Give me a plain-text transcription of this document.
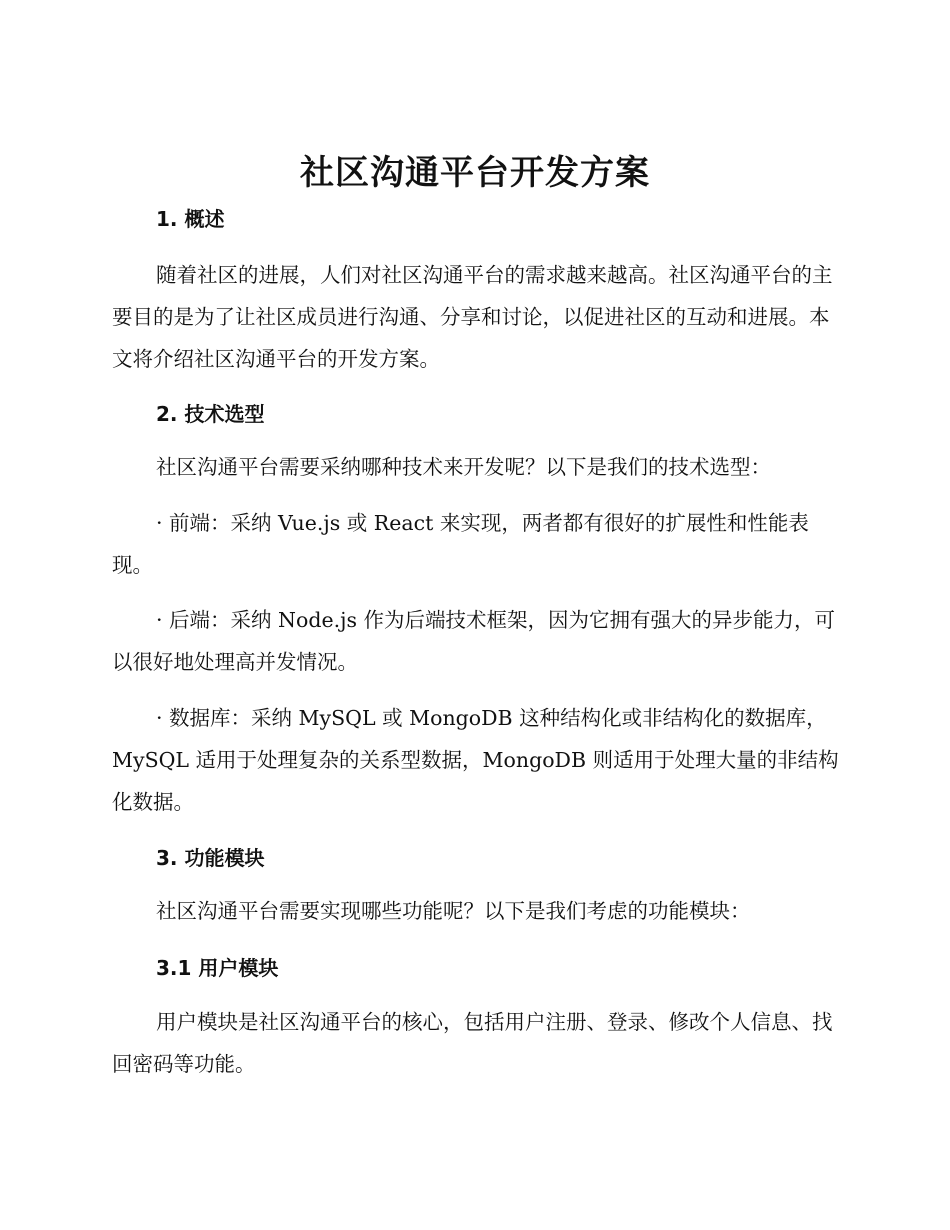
社区沟通平台开发方案
1. 概述

随着社区的进展，人们对社区沟通平台的需求越来越高。社区沟通平台的主要目的是为了让社区成员进行沟通、分享和讨论，以促进社区的互动和进展。本文将介绍社区沟通平台的开发方案。

2. 技术选型

社区沟通平台需要采纳哪种技术来开发呢？以下是我们的技术选型：

· 前端：采纳 Vue.js 或 React 来实现，两者都有很好的扩展性和性能表现。

· 后端：采纳 Node.js 作为后端技术框架，因为它拥有强大的异步能力，可以很好地处理高并发情况。

· 数据库：采纳 MySQL 或 MongoDB 这种结构化或非结构化的数据库，MySQL 适用于处理复杂的关系型数据，MongoDB 则适用于处理大量的非结构化数据。

3. 功能模块

社区沟通平台需要实现哪些功能呢？以下是我们考虑的功能模块：

3.1 用户模块

用户模块是社区沟通平台的核心，包括用户注册、登录、修改个人信息、找回密码等功能。
